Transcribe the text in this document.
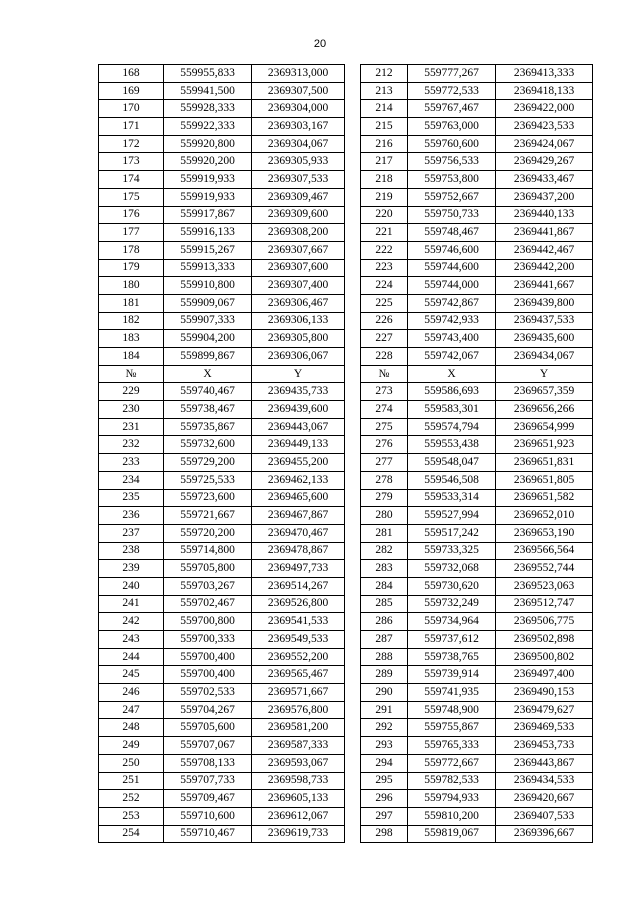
20
168	559955,833	2369313,000		212	559777,267	2369413,333
169	559941,500	2369307,500		213	559772,533	2369418,133
170	559928,333	2369304,000		214	559767,467	2369422,000
171	559922,333	2369303,167		215	559763,000	2369423,533
172	559920,800	2369304,067		216	559760,600	2369424,067
173	559920,200	2369305,933		217	559756,533	2369429,267
174	559919,933	2369307,533		218	559753,800	2369433,467
175	559919,933	2369309,467		219	559752,667	2369437,200
176	559917,867	2369309,600		220	559750,733	2369440,133
177	559916,133	2369308,200		221	559748,467	2369441,867
178	559915,267	2369307,667		222	559746,600	2369442,467
179	559913,333	2369307,600		223	559744,600	2369442,200
180	559910,800	2369307,400		224	559744,000	2369441,667
181	559909,067	2369306,467		225	559742,867	2369439,800
182	559907,333	2369306,133		226	559742,933	2369437,533
183	559904,200	2369305,800		227	559743,400	2369435,600
184	559899,867	2369306,067		228	559742,067	2369434,067
№	X	Y		№	X	Y
229	559740,467	2369435,733		273	559586,693	2369657,359
230	559738,467	2369439,600		274	559583,301	2369656,266
231	559735,867	2369443,067		275	559574,794	2369654,999
232	559732,600	2369449,133		276	559553,438	2369651,923
233	559729,200	2369455,200		277	559548,047	2369651,831
234	559725,533	2369462,133		278	559546,508	2369651,805
235	559723,600	2369465,600		279	559533,314	2369651,582
236	559721,667	2369467,867		280	559527,994	2369652,010
237	559720,200	2369470,467		281	559517,242	2369653,190
238	559714,800	2369478,867		282	559733,325	2369566,564
239	559705,800	2369497,733		283	559732,068	2369552,744
240	559703,267	2369514,267		284	559730,620	2369523,063
241	559702,467	2369526,800		285	559732,249	2369512,747
242	559700,800	2369541,533		286	559734,964	2369506,775
243	559700,333	2369549,533		287	559737,612	2369502,898
244	559700,400	2369552,200		288	559738,765	2369500,802
245	559700,400	2369565,467		289	559739,914	2369497,400
246	559702,533	2369571,667		290	559741,935	2369490,153
247	559704,267	2369576,800		291	559748,900	2369479,627
248	559705,600	2369581,200		292	559755,867	2369469,533
249	559707,067	2369587,333		293	559765,333	2369453,733
250	559708,133	2369593,067		294	559772,667	2369443,867
251	559707,733	2369598,733		295	559782,533	2369434,533
252	559709,467	2369605,133		296	559794,933	2369420,667
253	559710,600	2369612,067		297	559810,200	2369407,533
254	559710,467	2369619,733		298	559819,067	2369396,667
